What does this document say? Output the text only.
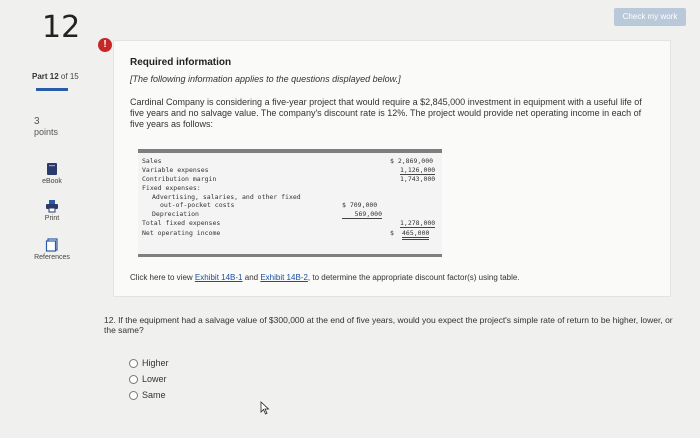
12	Check my work
Part 12 of 15
3
points
eBook
Print
References
!
Required information
[The following information applies to the questions displayed below.]
Cardinal Company is considering a five-year project that would require a $2,845,000 investment in equipment with a useful life of five years and no salvage value. The company's discount rate is 12%. The project would provide net operating income in each of five years as follows:
Sales	$ 2,869,000
Variable expenses	1,126,000
Contribution margin	1,743,000
Fixed expenses:
Advertising, salaries, and other fixed
out-of-pocket costs	$ 709,000
Depreciation	569,000
Total fixed expenses	1,278,000
Net operating income	$ 465,000
Click here to view Exhibit 14B-1 and Exhibit 14B-2, to determine the appropriate discount factor(s) using table.
12. If the equipment had a salvage value of $300,000 at the end of five years, would you expect the project's simple rate of return to be higher, lower, or the same?
Higher
Lower
Same
